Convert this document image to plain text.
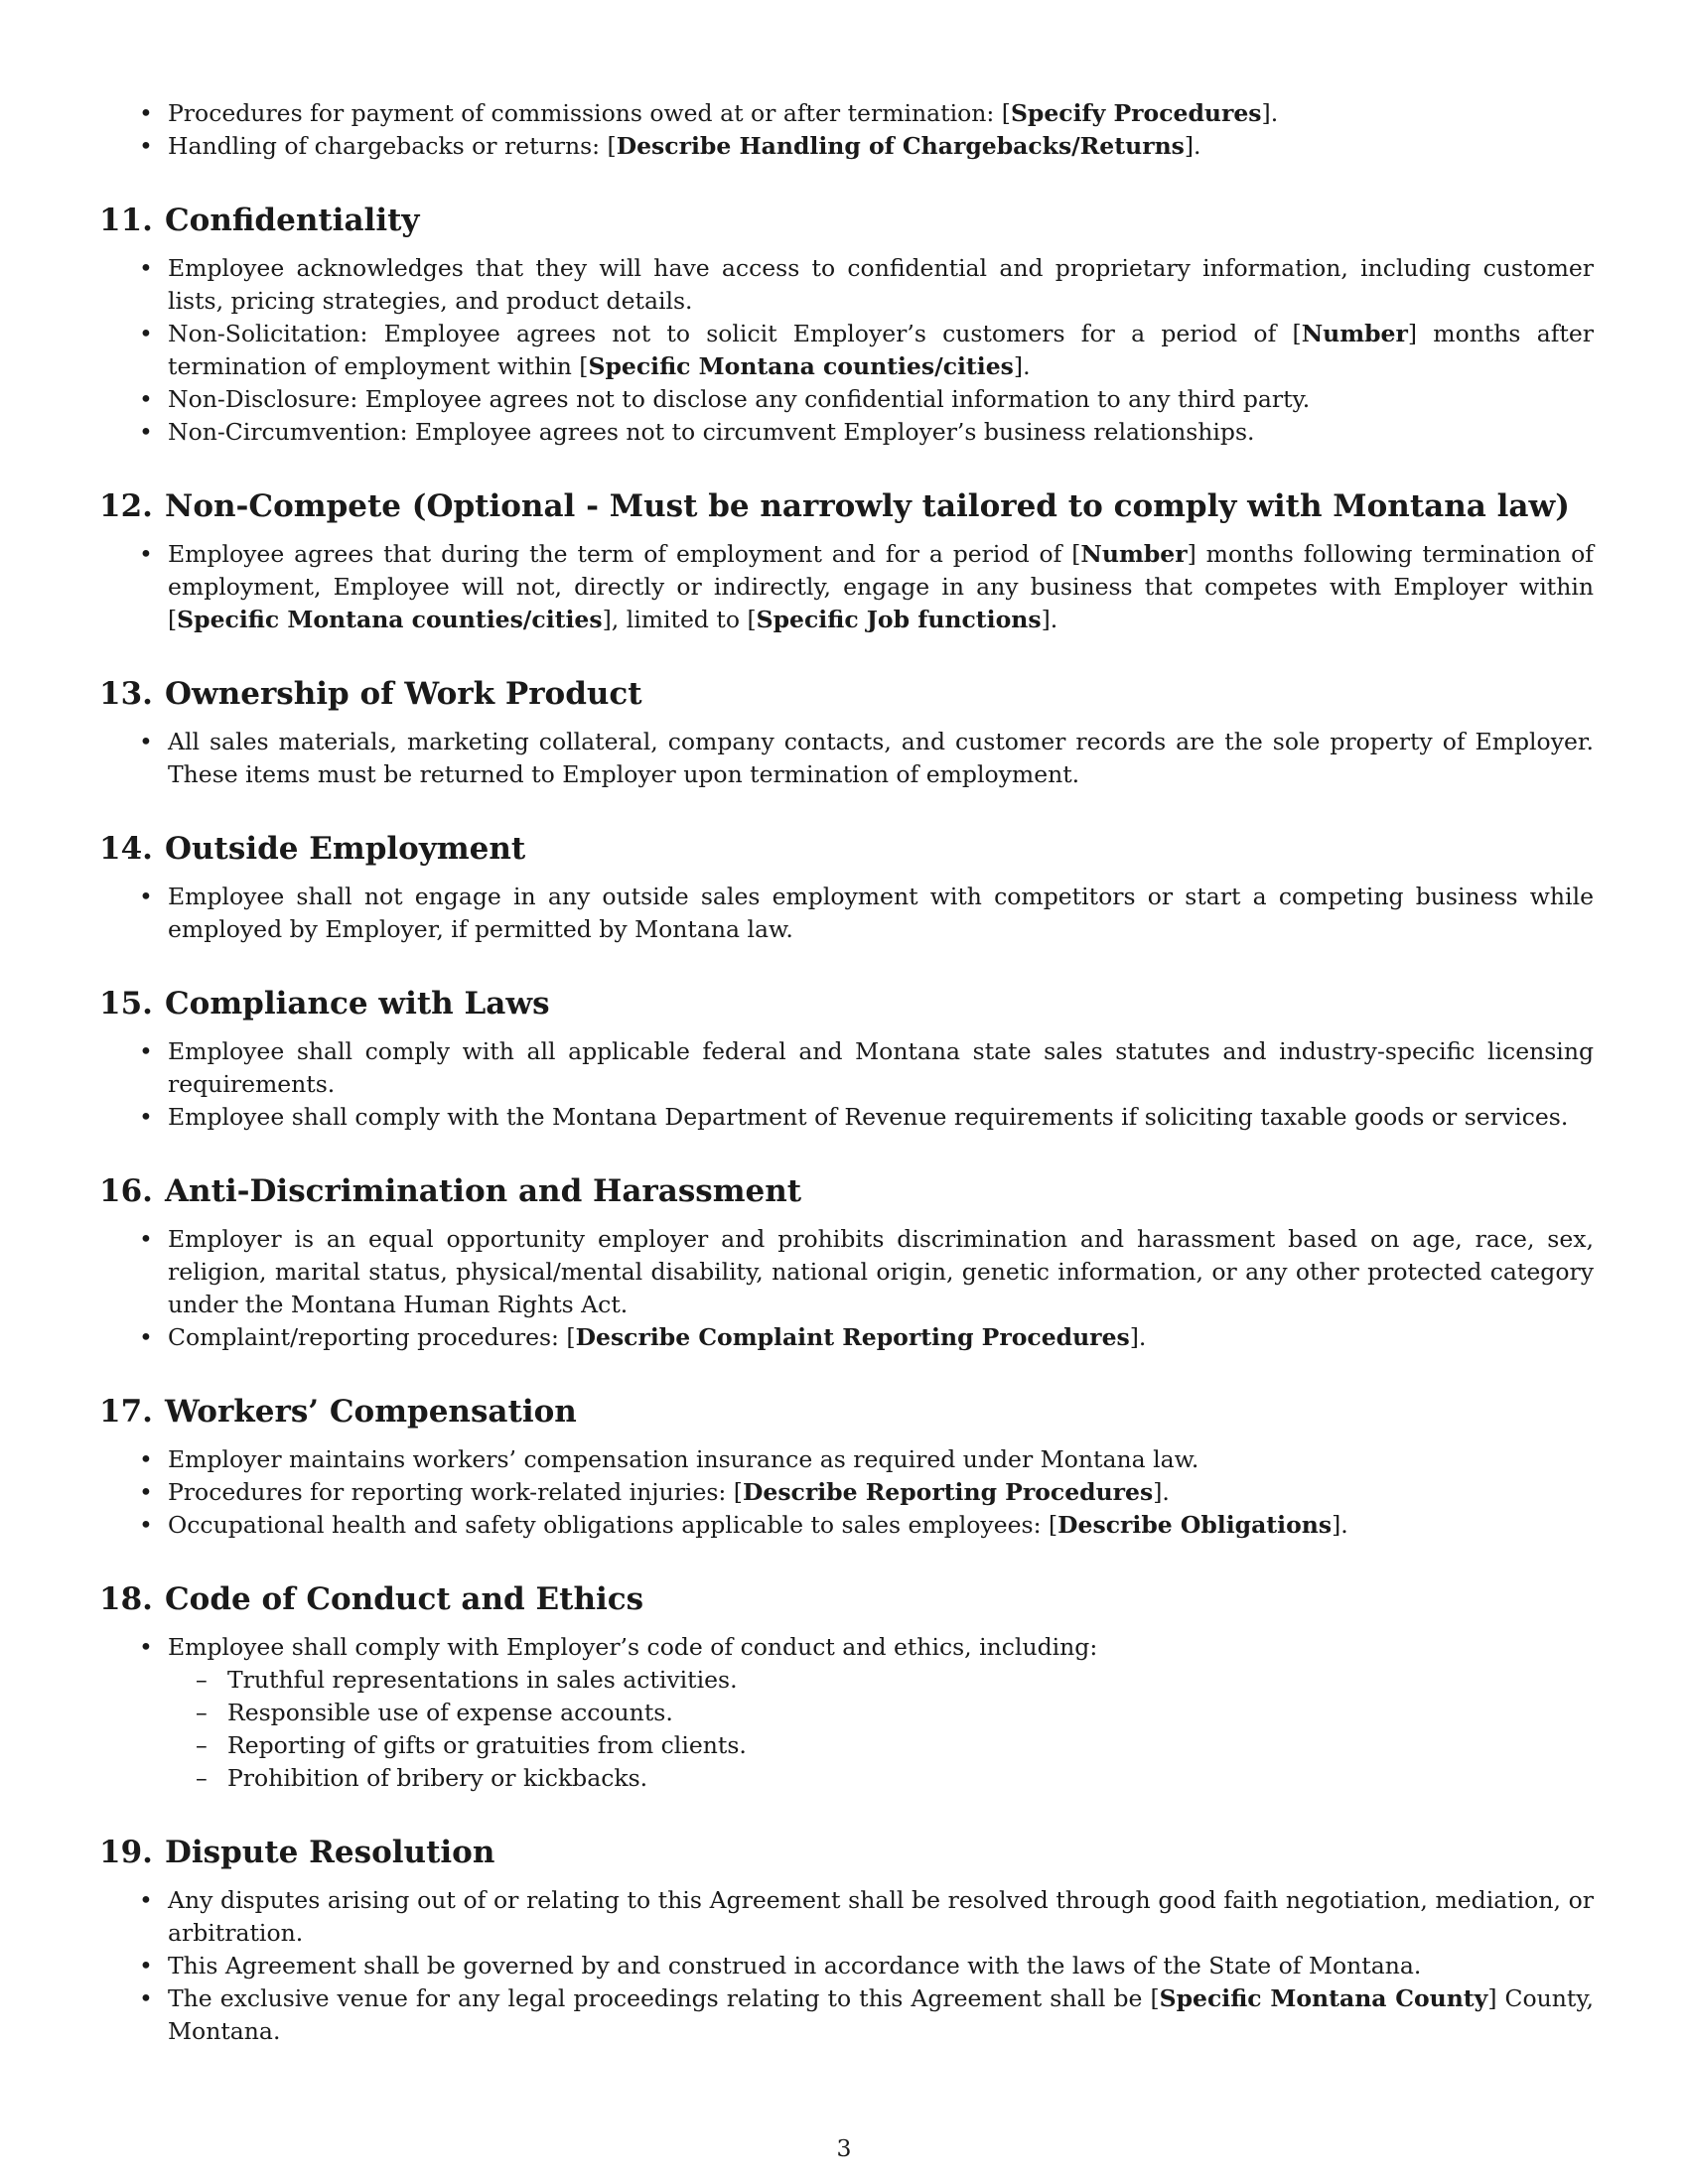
• Procedures for payment of commissions owed at or after termination: [Specify Procedures].
• Handling of chargebacks or returns: [Describe Handling of Chargebacks/Returns].
11. Confidentiality
• Employee acknowledges that they will have access to confidential and proprietary information, including customer lists, pricing strategies, and product details.
• Non-Solicitation: Employee agrees not to solicit Employer’s customers for a period of [Number] months after termination of employment within [Specific Montana counties/cities].
• Non-Disclosure: Employee agrees not to disclose any confidential information to any third party.
• Non-Circumvention: Employee agrees not to circumvent Employer’s business relationships.
12. Non-Compete (Optional - Must be narrowly tailored to comply with Montana law)
• Employee agrees that during the term of employment and for a period of [Number] months following termination of employment, Employee will not, directly or indirectly, engage in any business that competes with Employer within [Specific Montana counties/cities], limited to [Specific Job functions].
13. Ownership of Work Product
• All sales materials, marketing collateral, company contacts, and customer records are the sole property of Employer. These items must be returned to Employer upon termination of employment.
14. Outside Employment
• Employee shall not engage in any outside sales employment with competitors or start a competing business while employed by Employer, if permitted by Montana law.
15. Compliance with Laws
• Employee shall comply with all applicable federal and Montana state sales statutes and industry-specific licensing requirements.
• Employee shall comply with the Montana Department of Revenue requirements if soliciting taxable goods or services.
16. Anti-Discrimination and Harassment
• Employer is an equal opportunity employer and prohibits discrimination and harassment based on age, race, sex, religion, marital status, physical/mental disability, national origin, genetic information, or any other protected category under the Montana Human Rights Act.
• Complaint/reporting procedures: [Describe Complaint Reporting Procedures].
17. Workers’ Compensation
• Employer maintains workers’ compensation insurance as required under Montana law.
• Procedures for reporting work-related injuries: [Describe Reporting Procedures].
• Occupational health and safety obligations applicable to sales employees: [Describe Obligations].
18. Code of Conduct and Ethics
• Employee shall comply with Employer’s code of conduct and ethics, including:
– Truthful representations in sales activities.
– Responsible use of expense accounts.
– Reporting of gifts or gratuities from clients.
– Prohibition of bribery or kickbacks.
19. Dispute Resolution
• Any disputes arising out of or relating to this Agreement shall be resolved through good faith negotiation, mediation, or arbitration.
• This Agreement shall be governed by and construed in accordance with the laws of the State of Montana.
• The exclusive venue for any legal proceedings relating to this Agreement shall be [Specific Montana County] County, Montana.
3
